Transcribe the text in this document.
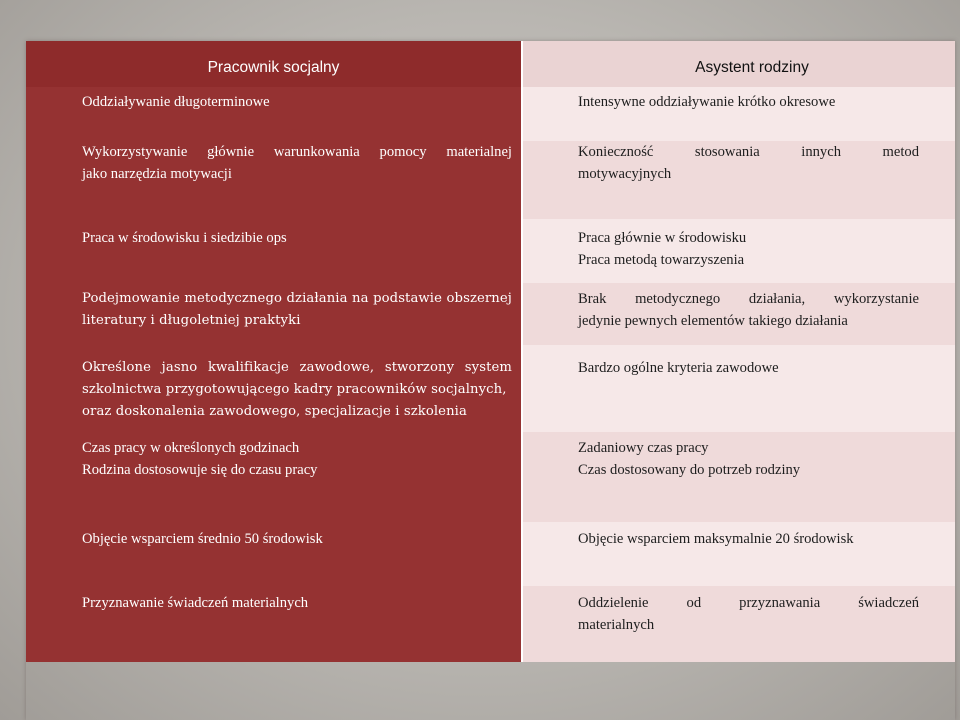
Pracownik socjalny	Asystent rodziny

Oddziaływanie długoterminowe	Intensywne oddziaływanie krótko okresowe

Wykorzystywanie głównie warunkowania pomocy materialnej
jako narzędzia motywacji	Konieczność stosowania innych metod
motywacyjnych

Praca w środowisku i siedzibie ops	Praca głównie w środowisku
Praca metodą towarzyszenia

Podejmowanie metodycznego działania na podstawie obszernej
literatury i długoletniej praktyki	Brak metodycznego działania, wykorzystanie
jedynie pewnych elementów takiego działania

Określone jasno kwalifikacje zawodowe, stworzony system
szkolnictwa przygotowującego kadry pracowników socjalnych,
oraz doskonalenia zawodowego, specjalizacje i szkolenia	Bardzo ogólne kryteria zawodowe

Czas pracy w określonych godzinach
Rodzina dostosowuje się do czasu pracy	Zadaniowy czas pracy
Czas dostosowany do potrzeb rodziny

Objęcie wsparciem średnio 50 środowisk	Objęcie wsparciem maksymalnie 20 środowisk

Przyznawanie świadczeń materialnych	Oddzielenie od przyznawania świadczeń
materialnych
